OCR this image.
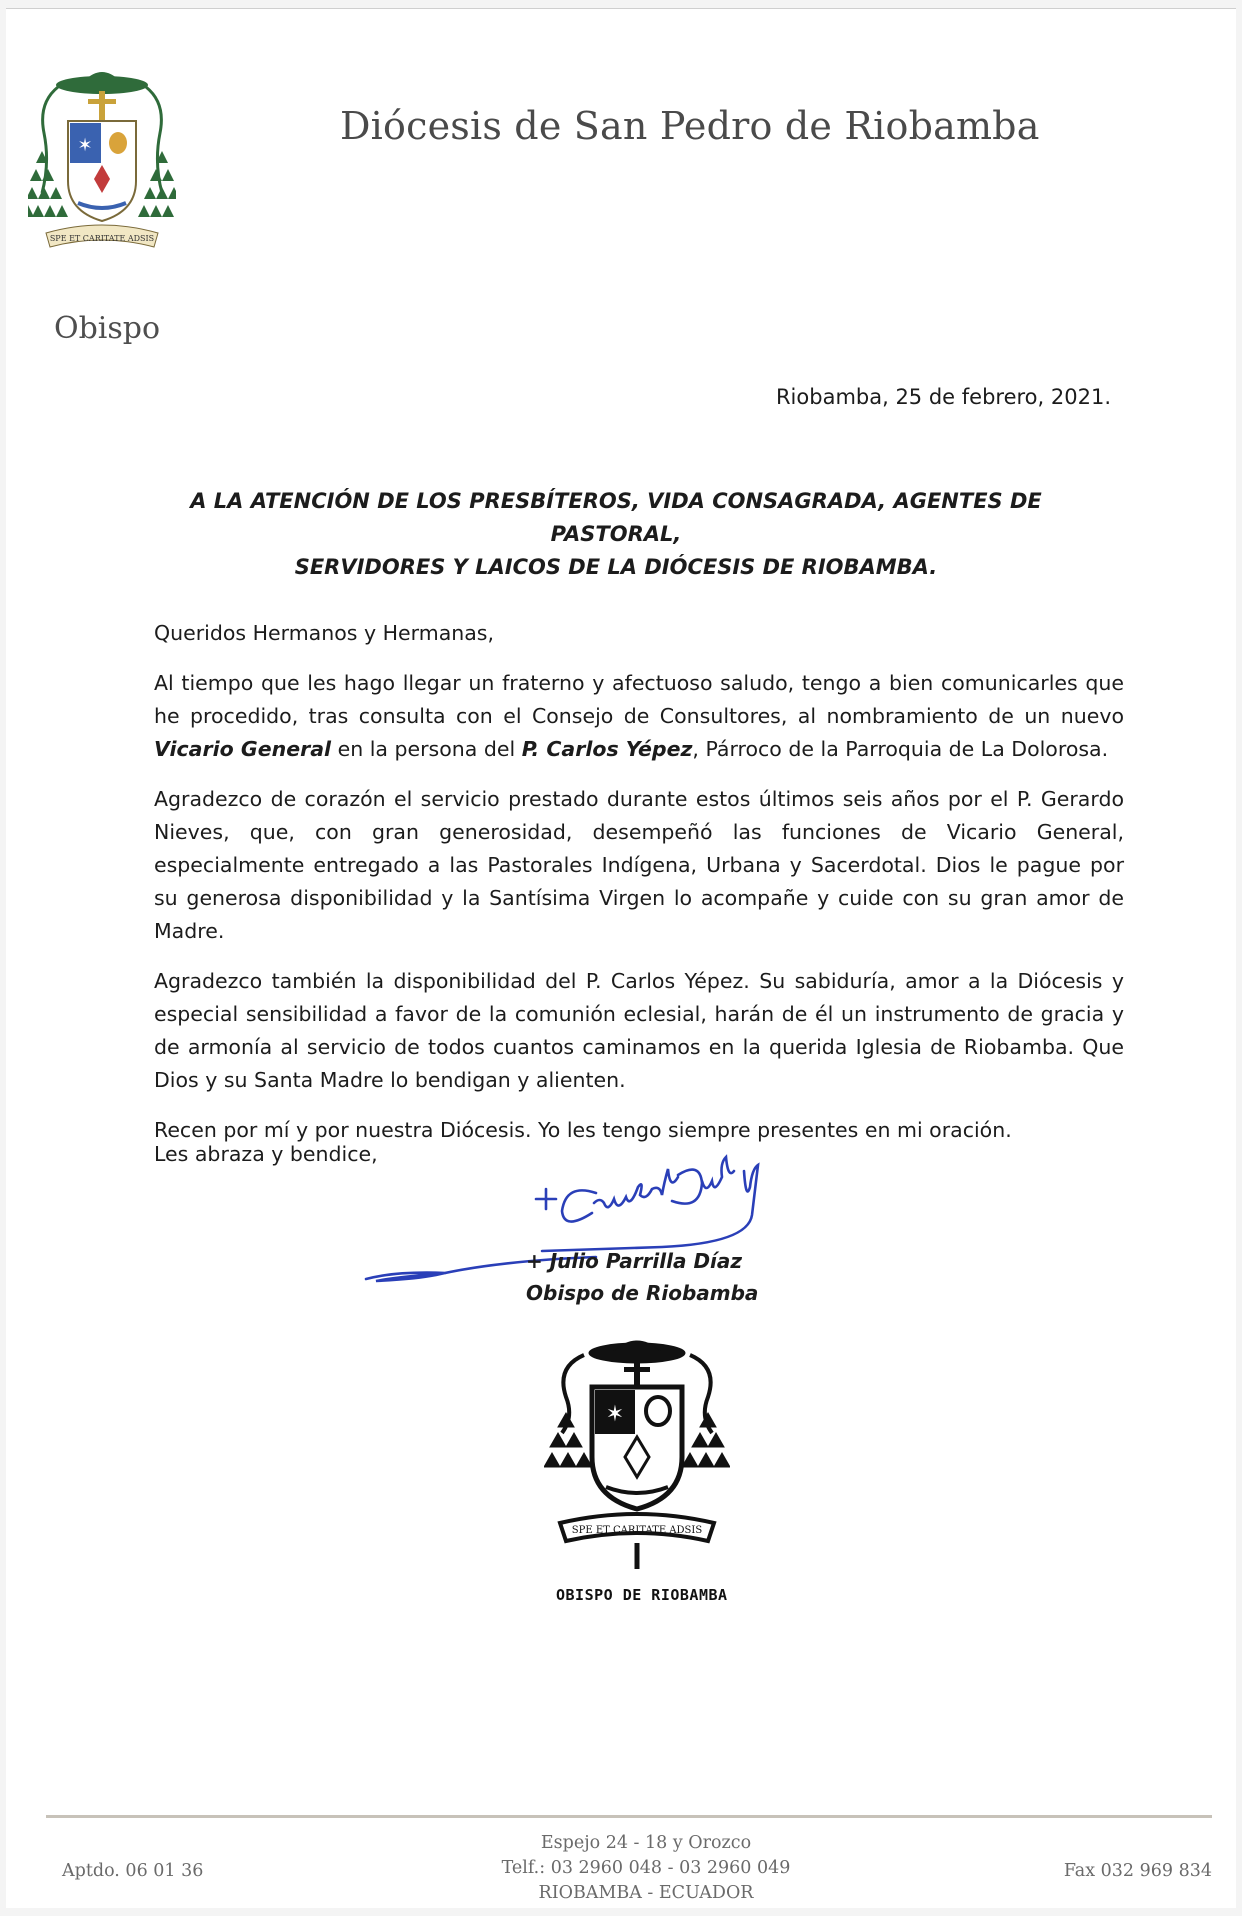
✶
SPE ET CARITATE ADSIS
Obispo
Diócesis de San Pedro de Riobamba
Riobamba, 25 de febrero, 2021.
A LA ATENCIÓN DE LOS PRESBÍTEROS, VIDA CONSAGRADA, AGENTES DE PASTORAL,
SERVIDORES Y LAICOS DE LA DIÓCESIS DE RIOBAMBA.

Queridos Hermanos y Hermanas,

Al tiempo que les hago llegar un fraterno y afectuoso saludo, tengo a bien comunicarles que he procedido, tras consulta con el Consejo de Consultores, al nombramiento de un nuevo Vicario General en la persona del P. Carlos Yépez, Párroco de la Parroquia de La Dolorosa.

Agradezco de corazón el servicio prestado durante estos últimos seis años por el P. Gerardo Nieves, que, con gran generosidad, desempeñó las funciones de Vicario General, especialmente entregado a las Pastorales Indígena, Urbana y Sacerdotal. Dios le pague por su generosa disponibilidad y la Santísima Virgen lo acompañe y cuide con su gran amor de Madre.

Agradezco también la disponibilidad del P. Carlos Yépez. Su sabiduría, amor a la Diócesis y especial sensibilidad a favor de la comunión eclesial, harán de él un instrumento de gracia y de armonía al servicio de todos cuantos caminamos en la querida Iglesia de Riobamba. Que Dios y su Santa Madre lo bendigan y alienten.

Recen por mí y por nuestra Diócesis. Yo les tengo siempre presentes en mi oración.

Les abraza y bendice,
+ Julio Parrilla Díaz
Obispo de Riobamba
✶
SPE ET CARITATE ADSIS
OBISPO DE RIOBAMBA
Aptdo. 06 01 36
Espejo 24 - 18 y Orozco
Telf.: 03 2960 048 - 03 2960 049
RIOBAMBA - ECUADOR
Fax 032 969 834
